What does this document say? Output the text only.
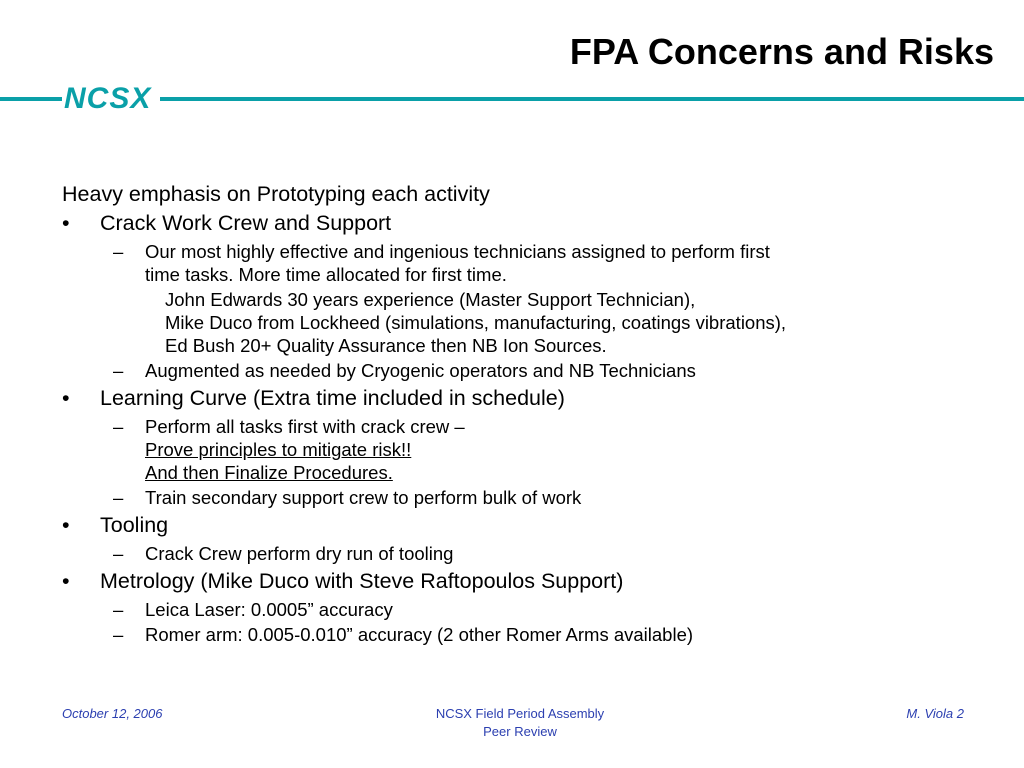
FPA Concerns and Risks
NCSX
Heavy emphasis on Prototyping each activity
• Crack Work Crew and Support
– Our most highly effective and ingenious technicians assigned to perform first
time tasks. More time allocated for first time.
John Edwards 30 years experience (Master Support Technician),
Mike Duco from Lockheed (simulations, manufacturing, coatings vibrations),
Ed Bush 20+ Quality Assurance then NB Ion Sources.
– Augmented as needed by Cryogenic operators and NB Technicians
• Learning Curve (Extra time included in schedule)
– Perform all tasks first with crack crew –
Prove principles to mitigate risk!!
And then Finalize Procedures.
– Train secondary support crew to perform bulk of work
• Tooling
– Crack Crew perform dry run of tooling
• Metrology (Mike Duco with Steve Raftopoulos Support)
– Leica Laser: 0.0005” accuracy
– Romer arm: 0.005-0.010” accuracy (2 other Romer Arms available)
October 12, 2006	NCSX Field Period Assembly
Peer Review
M. Viola 2
